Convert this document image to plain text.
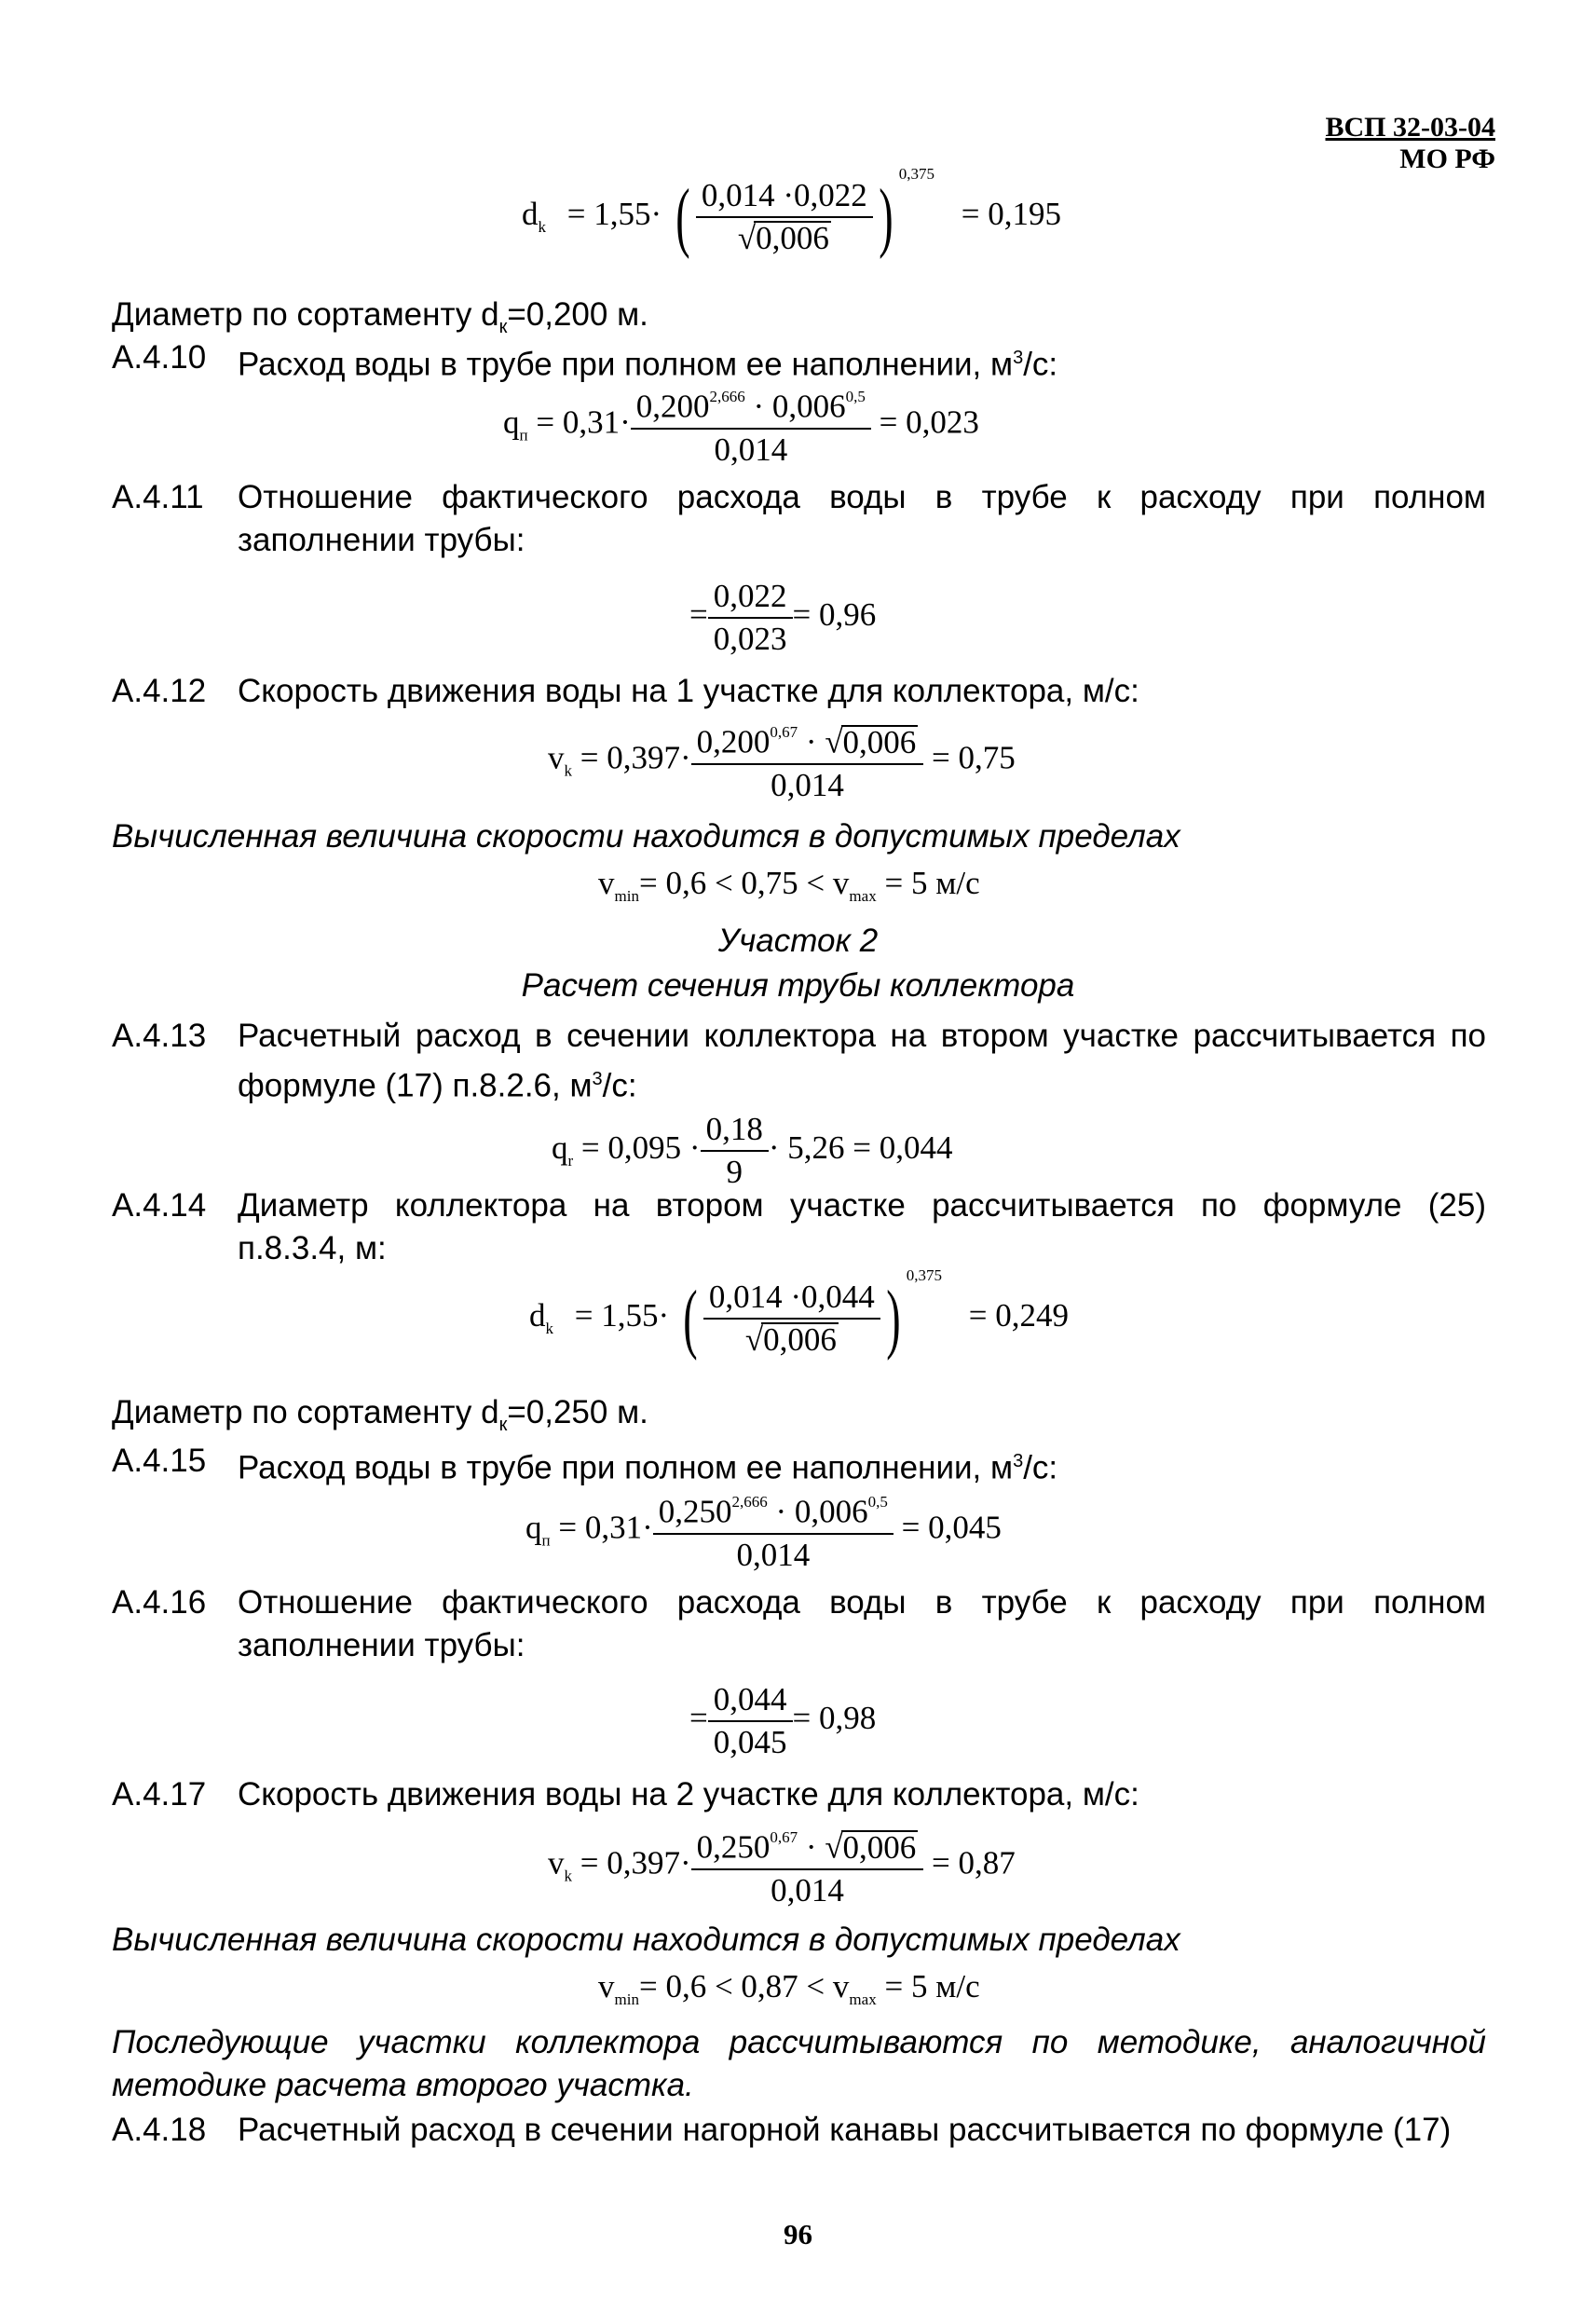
ВСП 32-03-04
МО РФ
$d_k = 1,55\cdot$ ( $\frac{0,014 \cdot 0,022}{√0,006}$ ) $^{0,375}$ = 0,195
Диаметр по сортаменту $d_к=0,200$ м.
А.4.10 Расход воды в трубе при полном ее наполнении, $м^3/с$:
$q_п = 0,31\cdot \frac{0,200^{2,666} \cdot 0,006^{0,5}}{0,014} = 0,023$
А.4.11 Отношение фактического расхода воды в трубе к расходу при полном
заполнении трубы:
= $\frac{0,022}{0,023} = 0,96$
А.4.12 Скорость движения воды на 1 участке для коллектора, м/с:
$v_k = 0,397\cdot \frac{0,200^{0,67} \cdot √0,006}{0,014} = 0,75$
Вычисленная величина скорости находится в допустимых пределах
$v_{min}= 0,6 < 0,75 < v_{max} = 5$ м/с
Участок 2
Расчет сечения трубы коллектора
А.4.13 Расчетный расход в сечении коллектора на втором участке рассчитывается по
формуле (17) п.8.2.6, $м^3/с$:
$q_r = 0,095 \cdot \frac{0,18}{9} \cdot 5,26 = 0,044$
А.4.14 Диаметр коллектора на втором участке рассчитывается по формуле (25)
п.8.3.4, м:
$d_k = 1,55\cdot$ ( $\frac{0,014 \cdot 0,044}{√0,006}$ ) $^{0,375}$ = 0,249
Диаметр по сортаменту $d_к=0,250$ м.
А.4.15 Расход воды в трубе при полном ее наполнении, $м^3/с$:
$q_п = 0,31\cdot \frac{0,250^{2,666} \cdot 0,006^{0,5}}{0,014} = 0,045$
А.4.16 Отношение фактического расхода воды в трубе к расходу при полном
заполнении трубы:
= $\frac{0,044}{0,045} = 0,98$
А.4.17 Скорость движения воды на 2 участке для коллектора, м/с:
$v_k = 0,397\cdot \frac{0,250^{0,67} \cdot √0,006}{0,014} = 0,87$
Вычисленная величина скорости находится в допустимых пределах
$v_{min}= 0,6 < 0,87 < v_{max} = 5$ м/с
Последующие участки коллектора рассчитываются по методике, аналогичной
методике расчета второго участка.
А.4.18 Расчетный расход в сечении нагорной канавы рассчитывается по формуле (17)
96
